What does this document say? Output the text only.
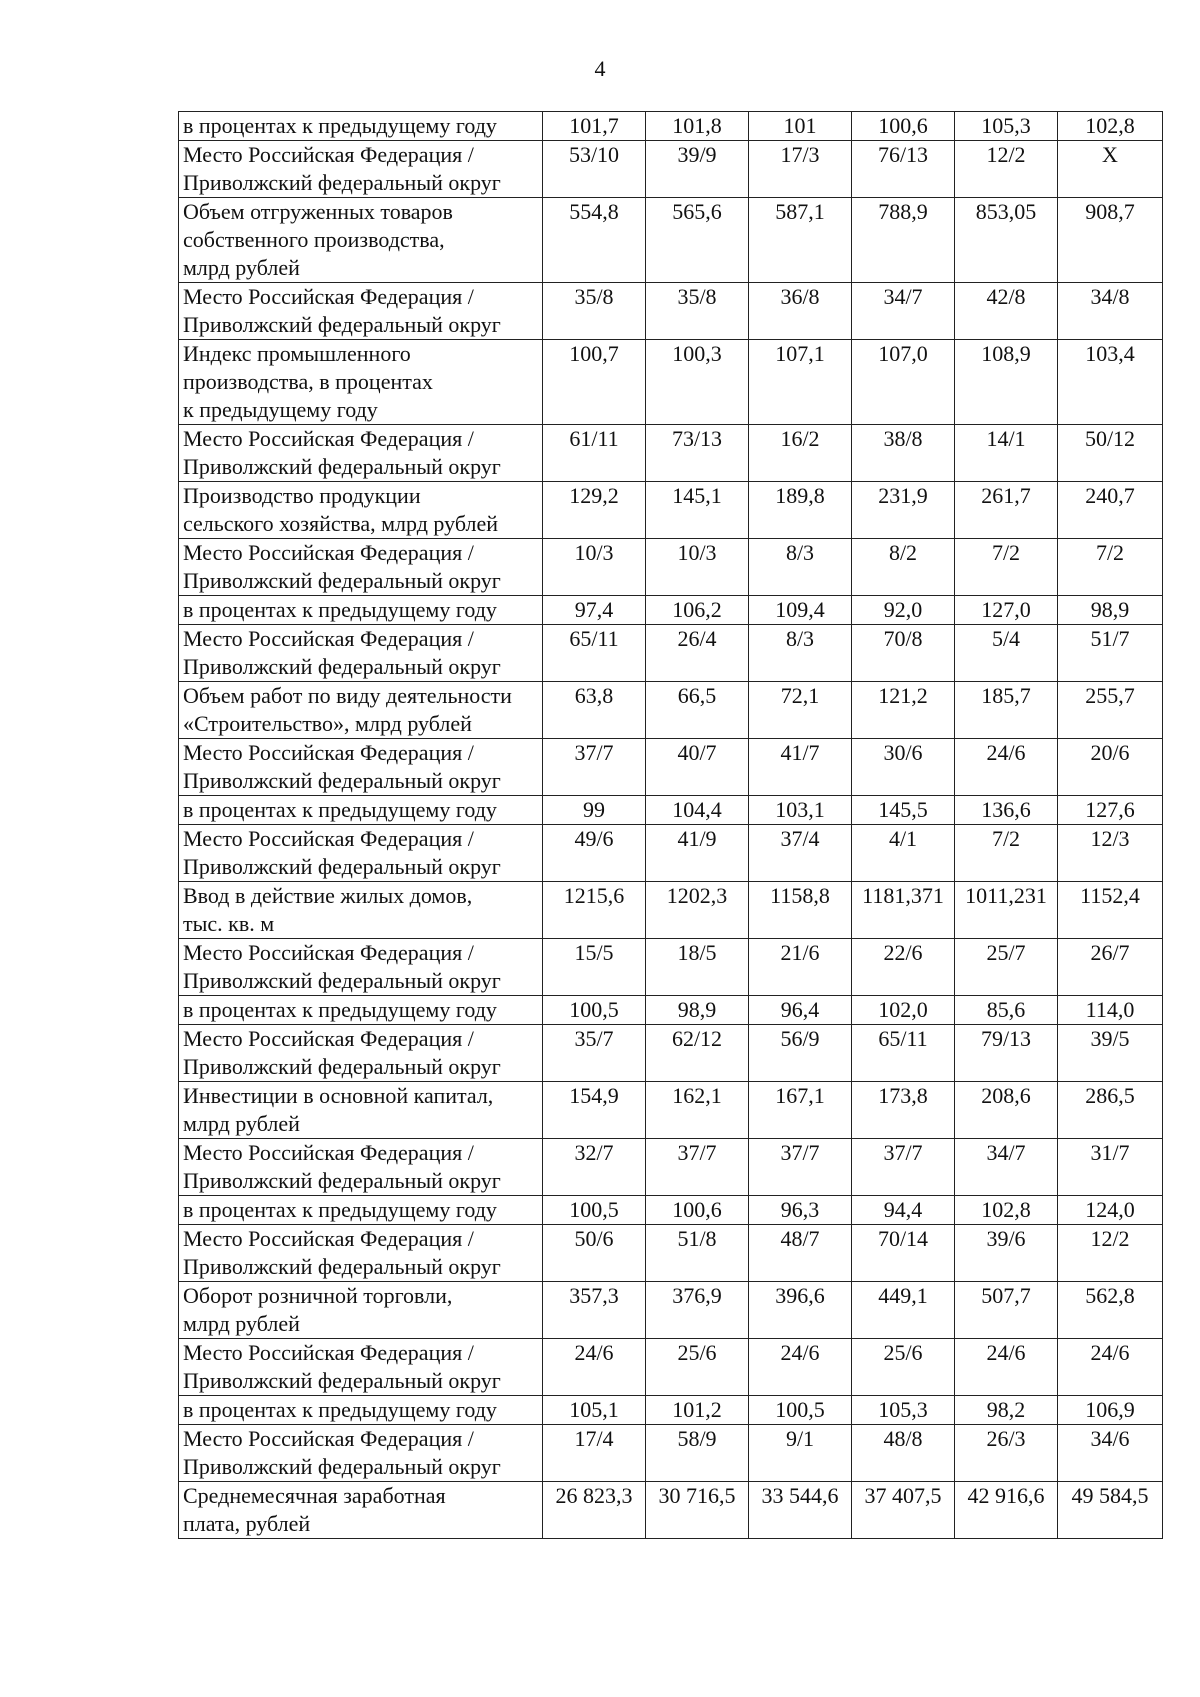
4
в процентах к предыдущему году	101,7	101,8	101	100,6	105,3	102,8
Место Российская Федерация /
Приволжский федеральный округ	53/10	39/9	17/3	76/13	12/2	X
Объем отгруженных товаров
собственного производства,
млрд рублей	554,8	565,6	587,1	788,9	853,05	908,7
Место Российская Федерация /
Приволжский федеральный округ	35/8	35/8	36/8	34/7	42/8	34/8
Индекс промышленного
производства, в процентах
к предыдущему году	100,7	100,3	107,1	107,0	108,9	103,4
Место Российская Федерация /
Приволжский федеральный округ	61/11	73/13	16/2	38/8	14/1	50/12
Производство продукции
сельского хозяйства, млрд рублей	129,2	145,1	189,8	231,9	261,7	240,7
Место Российская Федерация /
Приволжский федеральный округ	10/3	10/3	8/3	8/2	7/2	7/2
в процентах к предыдущему году	97,4	106,2	109,4	92,0	127,0	98,9
Место Российская Федерация /
Приволжский федеральный округ	65/11	26/4	8/3	70/8	5/4	51/7
Объем работ по виду деятельности
«Строительство», млрд рублей	63,8	66,5	72,1	121,2	185,7	255,7
Место Российская Федерация /
Приволжский федеральный округ	37/7	40/7	41/7	30/6	24/6	20/6
в процентах к предыдущему году	99	104,4	103,1	145,5	136,6	127,6
Место Российская Федерация /
Приволжский федеральный округ	49/6	41/9	37/4	4/1	7/2	12/3
Ввод в действие жилых домов,
тыс. кв. м	1215,6	1202,3	1158,8	1181,371	1011,231	1152,4
Место Российская Федерация /
Приволжский федеральный округ	15/5	18/5	21/6	22/6	25/7	26/7
в процентах к предыдущему году	100,5	98,9	96,4	102,0	85,6	114,0
Место Российская Федерация /
Приволжский федеральный округ	35/7	62/12	56/9	65/11	79/13	39/5
Инвестиции в основной капитал,
млрд рублей	154,9	162,1	167,1	173,8	208,6	286,5
Место Российская Федерация /
Приволжский федеральный округ	32/7	37/7	37/7	37/7	34/7	31/7
в процентах к предыдущему году	100,5	100,6	96,3	94,4	102,8	124,0
Место Российская Федерация /
Приволжский федеральный округ	50/6	51/8	48/7	70/14	39/6	12/2
Оборот розничной торговли,
млрд рублей	357,3	376,9	396,6	449,1	507,7	562,8
Место Российская Федерация /
Приволжский федеральный округ	24/6	25/6	24/6	25/6	24/6	24/6
в процентах к предыдущему году	105,1	101,2	100,5	105,3	98,2	106,9
Место Российская Федерация /
Приволжский федеральный округ	17/4	58/9	9/1	48/8	26/3	34/6
Среднемесячная заработная
плата, рублей	26 823,3	30 716,5	33 544,6	37 407,5	42 916,6	49 584,5
